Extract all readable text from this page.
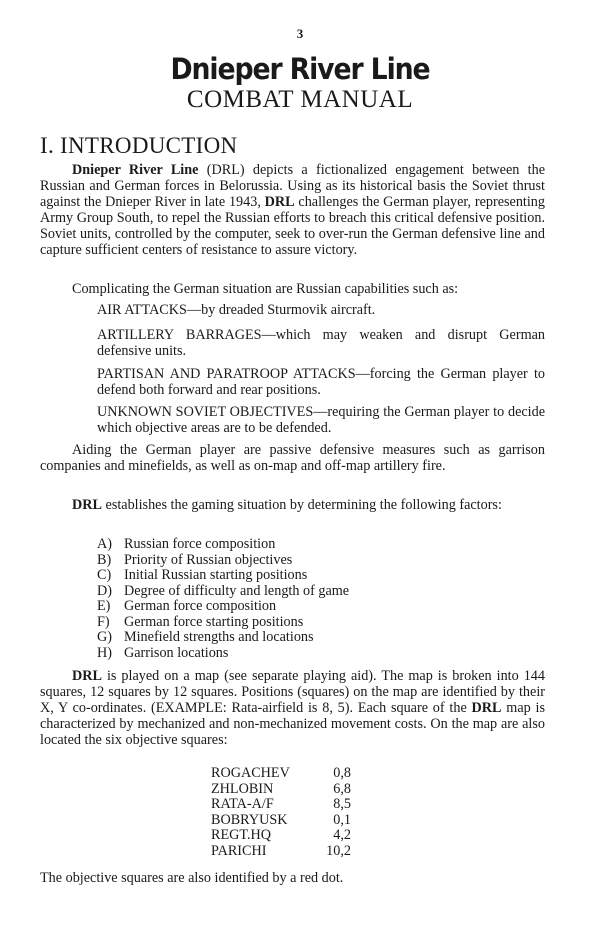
3
Dnieper River Line
COMBAT MANUAL
I. INTRODUCTION

Dnieper River Line (DRL) depicts a fictionalized engagement between the Russian and German forces in Belorussia. Using as its historical basis the Soviet thrust against the Dnieper River in late 1943, DRL challenges the German player, representing Army Group South, to repel the Russian efforts to breach this critical defensive position. Soviet units, controlled by the computer, seek to over-run the German defensive line and capture sufficient centers of resistance to assure victory.

Complicating the German situation are Russian capabilities such as:

AIR ATTACKS—by dreaded Sturmovik aircraft.

ARTILLERY BARRAGES—which may weaken and disrupt German defensive units.

PARTISAN AND PARATROOP ATTACKS—forcing the German player to defend both forward and rear positions.

UNKNOWN SOVIET OBJECTIVES—requiring the German player to decide which objective areas are to be defended.

Aiding the German player are passive defensive measures such as garrison companies and minefields, as well as on-map and off-map artillery fire.

DRL establishes the gaming situation by determining the following factors:

A) Russian force composition
B) Priority of Russian objectives
C) Initial Russian starting positions
D) Degree of difficulty and length of game
E) German force composition
F)	German force starting positions
G) Minefield strengths and locations
H) Garrison locations

DRL is played on a map (see separate playing aid). The map is broken into 144 squares, 12 squares by 12 squares. Positions (squares) on the map are identified by their X, Y co-ordinates. (EXAMPLE: Rata-airfield is 8, 5). Each square of the DRL map is characterized by mechanized and non-mechanized movement costs. On the map are also located the six objective squares:

ROGACHEV	0,8
ZHLOBIN	6,8
RATA-A/F	8,5
BOBRYUSK	0,1
REGT.HQ	4,2
PARICHI	10,2

The objective squares are also identified by a red dot.
